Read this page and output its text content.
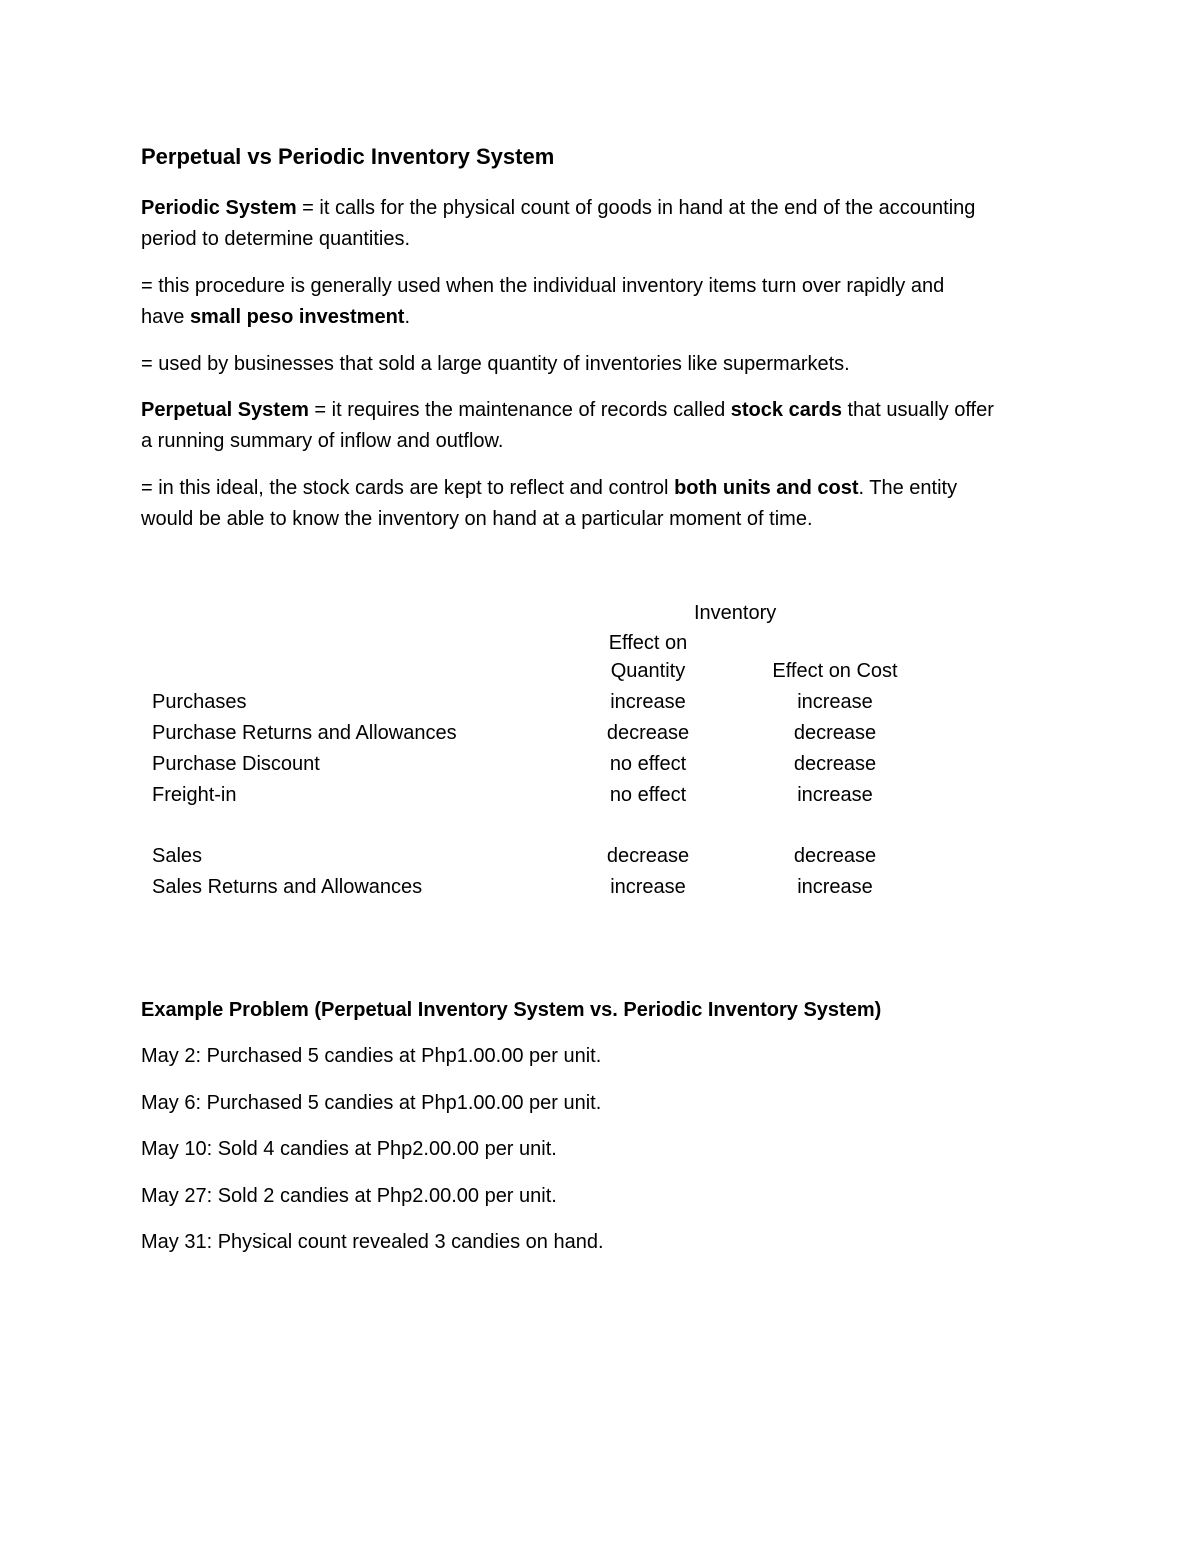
Perpetual vs Periodic Inventory System
Periodic System = it calls for the physical count of goods in hand at the end of the accounting
period to determine quantities.
= this procedure is generally used when the individual inventory items turn over rapidly and
have small peso investment.
= used by businesses that sold a large quantity of inventories like supermarkets.
Perpetual System = it requires the maintenance of records called stock cards that usually offer
a running summary of inflow and outflow.
= in this ideal, the stock cards are kept to reflect and control both units and cost. The entity
would be able to know the inventory on hand at a particular moment of time.
Inventory
Effect on
Quantity	Effect on Cost
Purchases	increase	increase
Purchase Returns and Allowances	decrease	decrease
Purchase Discount	no effect	decrease
Freight-in	no effect	increase
Sales	decrease	decrease
Sales Returns and Allowances	increase	increase
Example Problem (Perpetual Inventory System vs. Periodic Inventory System)
May 2: Purchased 5 candies at Php1.00.00 per unit.
May 6: Purchased 5 candies at Php1.00.00 per unit.
May 10: Sold 4 candies at Php2.00.00 per unit.
May 27: Sold 2 candies at Php2.00.00 per unit.
May 31: Physical count revealed 3 candies on hand.
